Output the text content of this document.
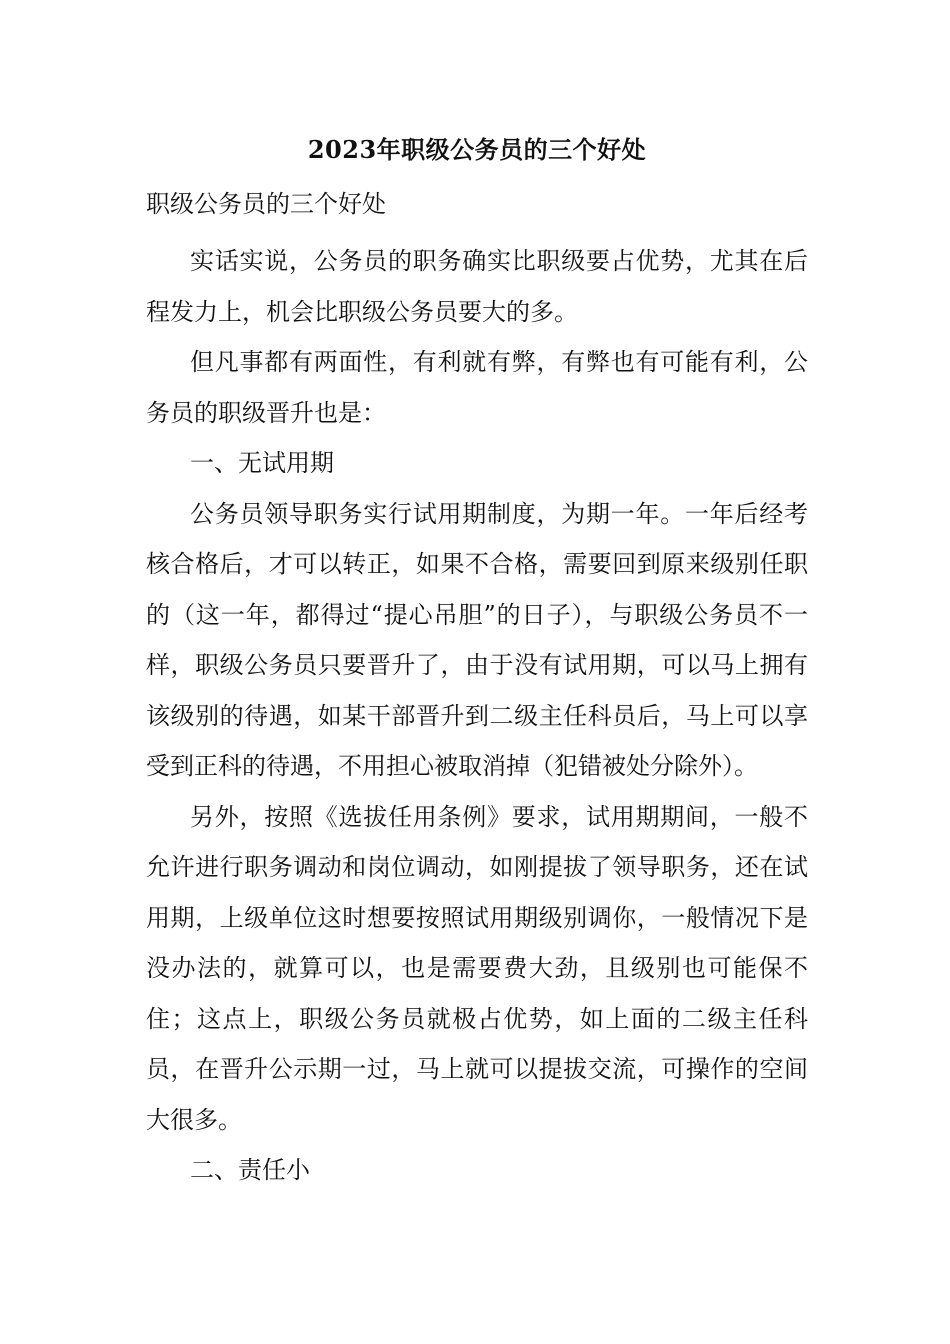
2023年职级公务员的三个好处

职级公务员的三个好处

实话实说，公务员的职务确实比职级要占优势，尤其在后程发力上，机会比职级公务员要大的多。

但凡事都有两面性，有利就有弊，有弊也有可能有利，公务员的职级晋升也是：

一、无试用期

公务员领导职务实行试用期制度，为期一年。一年后经考核合格后，才可以转正，如果不合格，需要回到原来级别任职的（这一年，都得过“提心吊胆”的日子），与职级公务员不一样，职级公务员只要晋升了，由于没有试用期，可以马上拥有该级别的待遇，如某干部晋升到二级主任科员后，马上可以享受到正科的待遇，不用担心被取消掉（犯错被处分除外）。

另外，按照《选拔任用条例》要求，试用期期间，一般不允许进行职务调动和岗位调动，如刚提拔了领导职务，还在试用期，上级单位这时想要按照试用期级别调你，一般情况下是没办法的，就算可以，也是需要费大劲，且级别也可能保不住；这点上，职级公务员就极占优势，如上面的二级主任科员，在晋升公示期一过，马上就可以提拔交流，可操作的空间大很多。

二、责任小
